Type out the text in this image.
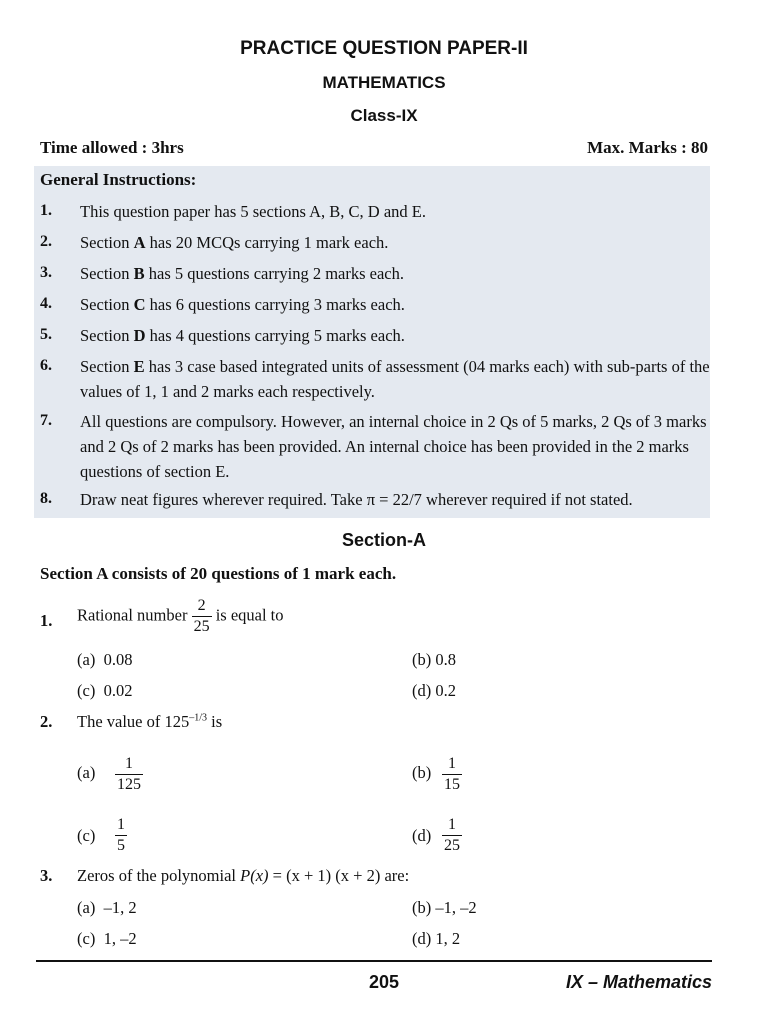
PRACTICE QUESTION PAPER-II
MATHEMATICS
Class-IX
Time allowed : 3hrs	Max. Marks : 80
General Instructions:
1. This question paper has 5 sections A, B, C, D and E.
2. Section A has 20 MCQs carrying 1 mark each.
3. Section B has 5 questions carrying 2 marks each.
4. Section C has 6 questions carrying 3 marks each.
5. Section D has 4 questions carrying 5 marks each.
6. Section E has 3 case based integrated units of assessment (04 marks each) with sub-parts of the values of 1, 1 and 2 marks each respectively.
7. All questions are compulsory. However, an internal choice in 2 Qs of 5 marks, 2 Qs of 3 marks and 2 Qs of 2 marks has been provided. An internal choice has been provided in the 2 marks questions of section E.
8. Draw neat figures wherever required. Take π = 22/7 wherever required if not stated.
Section-A
Section A consists of 20 questions of 1 mark each.
1. Rational number $\frac{2}{25}$ is equal to
(a) 0.08	(b) 0.8
(c) 0.02	(d) 0.2
2. The value of $125^{-1/3}$ is
$(a) \frac{1}{125}$	$(b) \frac{1}{15}$
$(c) \frac{1}{5}$	$(d) \frac{1}{25}$
3. Zeros of the polynomial P(x) = (x + 1) (x + 2) are:
(a) –1, 2	(b) –1, –2
(c) 1, –2	(d) 1, 2
205	IX – Mathematics
